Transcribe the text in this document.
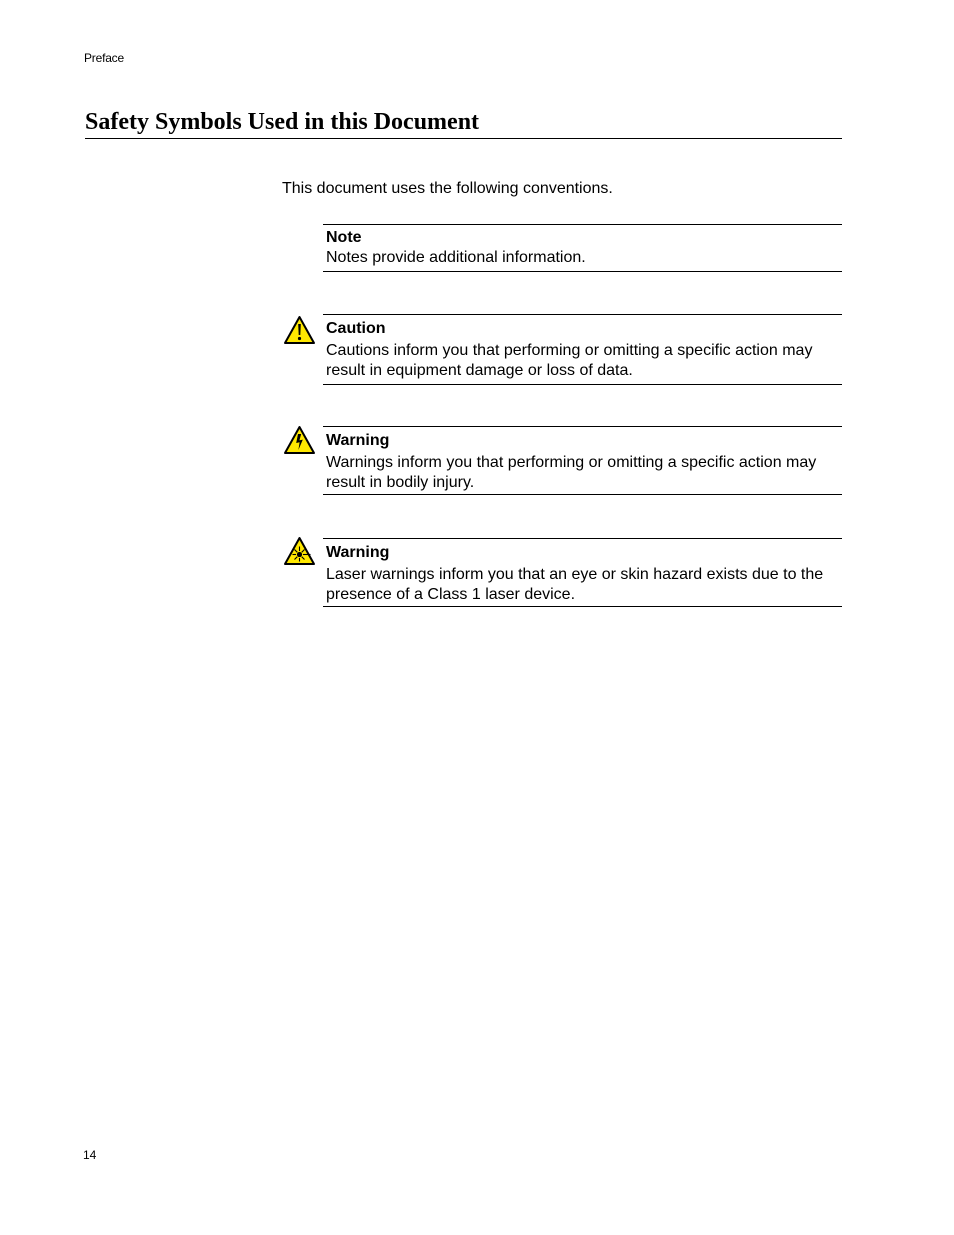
Preface
Safety Symbols Used in this Document
This document uses the following conventions.
Note
Notes provide additional information.
Caution
Cautions inform you that performing or omitting a specific action may result in equipment damage or loss of data.
Warning
Warnings inform you that performing or omitting a specific action may result in bodily injury.
Warning
Laser warnings inform you that an eye or skin hazard exists due to the presence of a Class 1 laser device.
14
